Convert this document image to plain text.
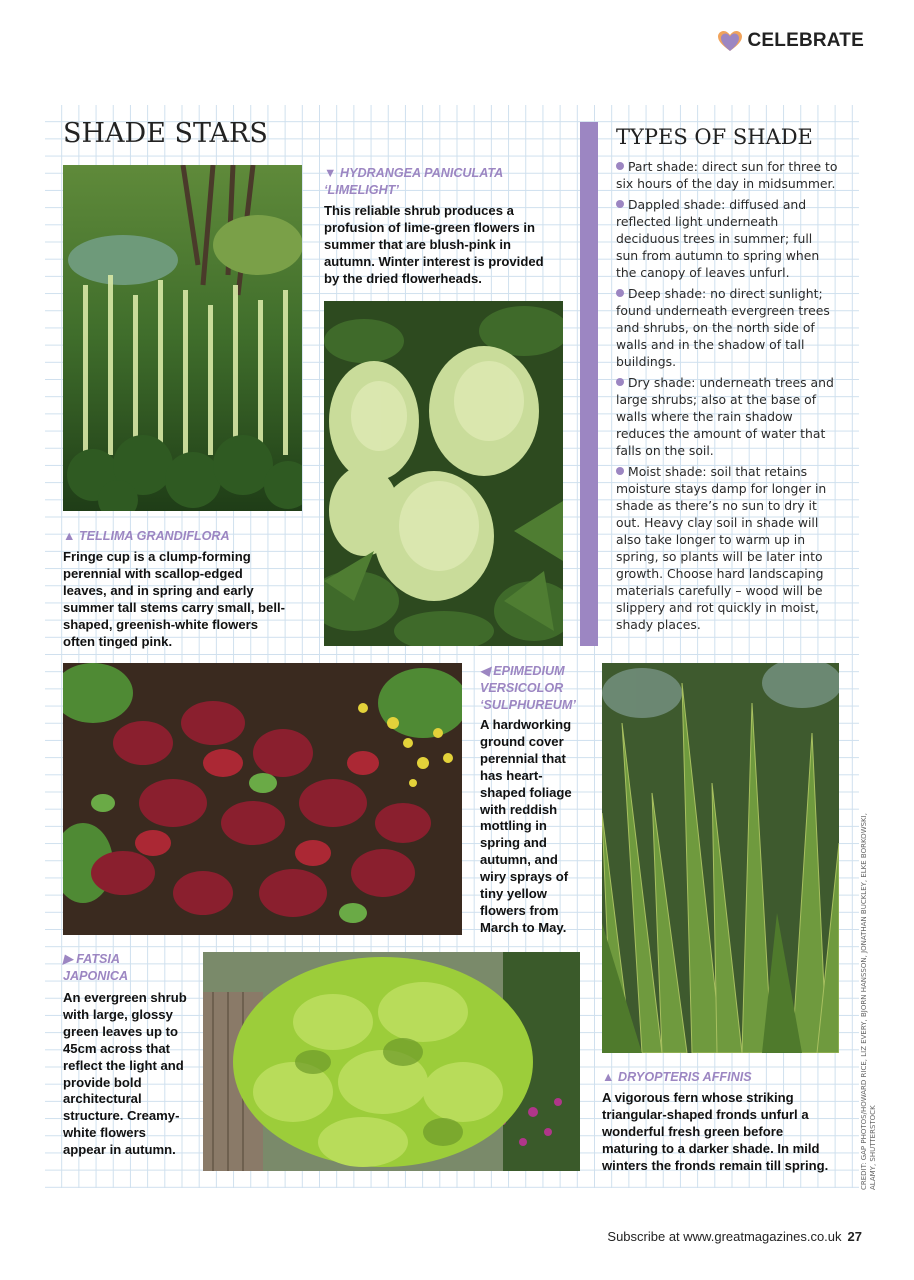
CELEBRATE
SHADE STARS

▲ TELLIMA GRANDIFLORA

Fringe cup is a clump-forming perennial with scallop-edged leaves, and in spring and early summer tall stems carry small, bell-shaped, greenish-white flowers often tinged pink.

▼ HYDRANGEA PANICULATA ‘LIMELIGHT’

This reliable shrub produces a profusion of lime-green flowers in summer that are blush-pink in autumn. Winter interest is provided by the dried flowerheads.

TYPES OF SHADE
Part shade: direct sun for three to six hours of the day in midsummer.
Dappled shade: diffused and reflected light underneath deciduous trees in summer; full sun from autumn to spring when the canopy of leaves unfurl.
Deep shade: no direct sunlight; found underneath evergreen trees and shrubs, on the north side of walls and in the shadow of tall buildings.
Dry shade: underneath trees and large shrubs; also at the base of walls where the rain shadow reduces the amount of water that falls on the soil.
Moist shade: soil that retains moisture stays damp for longer in shade as there’s no sun to dry it out. Heavy clay soil in shade will also take longer to warm up in spring, so plants will be later into growth. Choose hard landscaping materials carefully – wood will be slippery and rot quickly in moist, shady places.

◀ EPIMEDIUM VERSICOLOR ‘SULPHUREUM’

A hardworking ground cover perennial that has heart-shaped foliage with reddish mottling in spring and autumn, and wiry sprays of tiny yellow flowers from March to May.

▲ DRYOPTERIS AFFINIS

A vigorous fern whose striking triangular-shaped fronds unfurl a wonderful fresh green before maturing to a darker shade. In mild winters the fronds remain till spring.

▶ FATSIA JAPONICA

An evergreen shrub with large, glossy green leaves up to 45cm across that reflect the light and provide bold architectural structure. Creamy-white flowers appear in autumn.	CREDIT: GAP PHOTOS/HOWARD RICE, LIZ EVERY, BJORN HANSSON, JONATHAN BUCKLEY, ELKE BORKOWSKI, ALAMY, SHUTTERSTOCK
Subscribe at www.greatmagazines.co.uk 27
